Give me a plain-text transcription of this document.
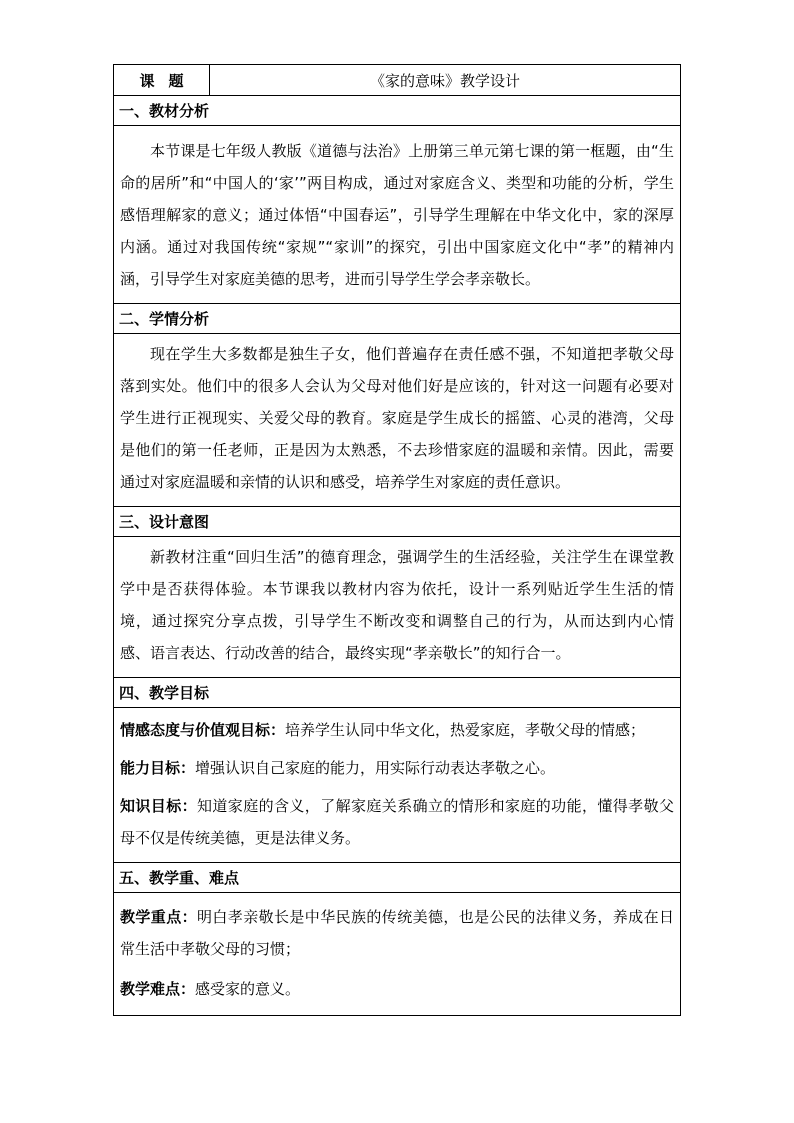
课题	《家的意味》教学设计
一、教材分析

本节课是七年级人教版《道德与法治》上册第三单元第七课的第一框题，由“生命的居所”和“中国人的‘家’”两目构成，通过对家庭含义、类型和功能的分析，学生感悟理解家的意义；通过体悟“中国春运”，引导学生理解在中华文化中，家的深厚内涵。通过对我国传统“家规”“家训”的探究，引出中国家庭文化中“孝”的精神内涵，引导学生对家庭美德的思考，进而引导学生学会孝亲敬长。

二、学情分析

现在学生大多数都是独生子女，他们普遍存在责任感不强，不知道把孝敬父母落到实处。他们中的很多人会认为父母对他们好是应该的，针对这一问题有必要对学生进行正视现实、关爱父母的教育。家庭是学生成长的摇篮、心灵的港湾，父母是他们的第一任老师，正是因为太熟悉，不去珍惜家庭的温暖和亲情。因此，需要通过对家庭温暖和亲情的认识和感受，培养学生对家庭的责任意识。

三、设计意图

新教材注重“回归生活”的德育理念，强调学生的生活经验，关注学生在课堂教学中是否获得体验。本节课我以教材内容为依托，设计一系列贴近学生生活的情境，通过探究分享点拨，引导学生不断改变和调整自己的行为，从而达到内心情感、语言表达、行动改善的结合，最终实现“孝亲敬长”的知行合一。

四、教学目标

情感态度与价值观目标：培养学生认同中华文化，热爱家庭，孝敬父母的情感；

能力目标：增强认识自己家庭的能力，用实际行动表达孝敬之心。

知识目标：知道家庭的含义，了解家庭关系确立的情形和家庭的功能，懂得孝敬父母不仅是传统美德，更是法律义务。

五、教学重、难点

教学重点：明白孝亲敬长是中华民族的传统美德，也是公民的法律义务，养成在日常生活中孝敬父母的习惯；

教学难点：感受家的意义。
